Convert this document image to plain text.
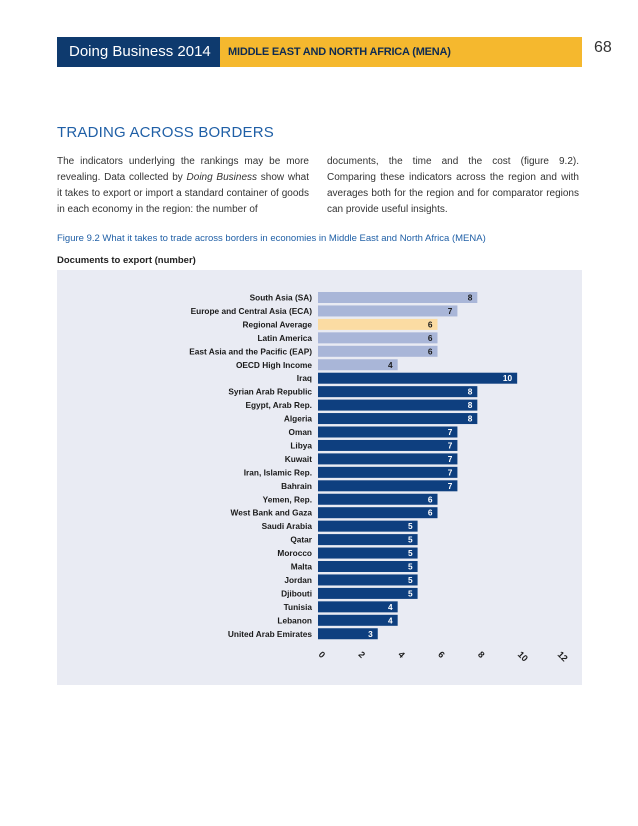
Doing Business 2014	MIDDLE EAST AND NORTH AFRICA (MENA)	68
TRADING ACROSS BORDERS
The indicators underlying the rankings may be more revealing. Data collected by Doing Business show what it takes to export or import a standard container of goods in each economy in the region: the number of
documents, the time and the cost (figure 9.2). Comparing these indicators across the region and with averages both for the region and for comparator regions can provide useful insights.
Figure 9.2 What it takes to trade across borders in economies in Middle East and North Africa (MENA)
Documents to export (number)
South Asia (SA)	8
Europe and Central Asia (ECA)	7
Regional Average	6
Latin America	6
East Asia and the Pacific (EAP)	6
OECD High Income	4
Iraq	10
Syrian Arab Republic	8
Egypt, Arab Rep.	8
Algeria	8
Oman	7
Libya	7
Kuwait	7
Iran, Islamic Rep.	7
Bahrain	7
Yemen, Rep.	6
West Bank and Gaza	6
Saudi Arabia	5
Qatar	5
Morocco	5
Malta	5
Jordan	5
Djibouti	5
Tunisia	4
Lebanon	4
United Arab Emirates	3
0	2	4	6	8	10	12
